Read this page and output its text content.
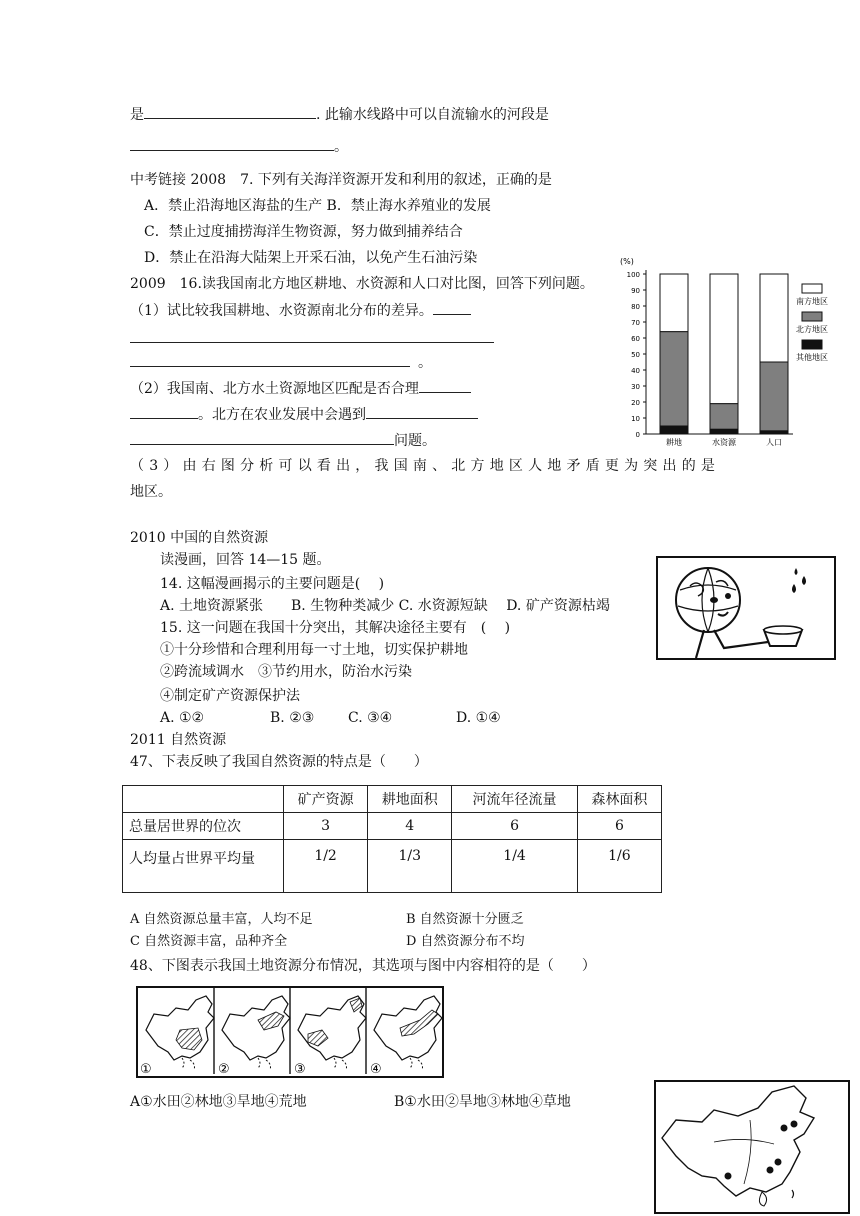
是	. 此输水线路中可以自流输水的河段是
。
中考链接 2008　7. 下列有关海洋资源开发和利用的叙述，正确的是
A．禁止沿海地区海盐的生产 B．禁止海水养殖业的发展
C．禁止过度捕捞海洋生物资源，努力做到捕养结合
D．禁止在沿海大陆架上开采石油，以免产生石油污染
2009　16.读我国南北方地区耕地、水资源和人口对比图，回答下列问题。
（1）试比较我国耕地、水资源南北分布的差异。
。
（2）我国南、北方水土资源地区匹配是否合理
。北方在农业发展中会遇到
问题。
（3）由右图分析可以看出，我国南、北方地区人地矛盾更为突出的是
地区。
(%)
0
10
20
30
40
50
60
70
80
90
100
耕地	水资源	人口
南方地区
北方地区
其他地区
2010 中国的自然资源
读漫画，回答 14—15 题。
14. 这幅漫画揭示的主要问题是(　 )
A. 土地资源紧张　　B. 生物种类减少 C. 水资源短缺　 D. 矿产资源枯竭
15. 这一问题在我国十分突出，其解决途径主要有　(　 )
①十分珍惜和合理利用每一寸土地，切实保护耕地
②跨流域调水　③节约用水，防治水污染
④制定矿产资源保护法
A. ①②	B. ②③ C. ③④	D. ①④
2011 自然资源
47、下表反映了我国自然资源的特点是（　　）
	矿产资源	耕地面积	河流年径流量	森林面积
总量居世界的位次	3	4	6	6
人均量占世界平均量	1/2	1/3	1/4	1/6
A 自然资源总量丰富，人均不足	B 自然资源十分匮乏
C 自然资源丰富，品种齐全	D 自然资源分布不均
48、下图表示我国土地资源分布情况，其选项与图中内容相符的是（　　）
①	②	③	④
A①水田②林地③旱地④荒地	B①水田②旱地③林地④草地
